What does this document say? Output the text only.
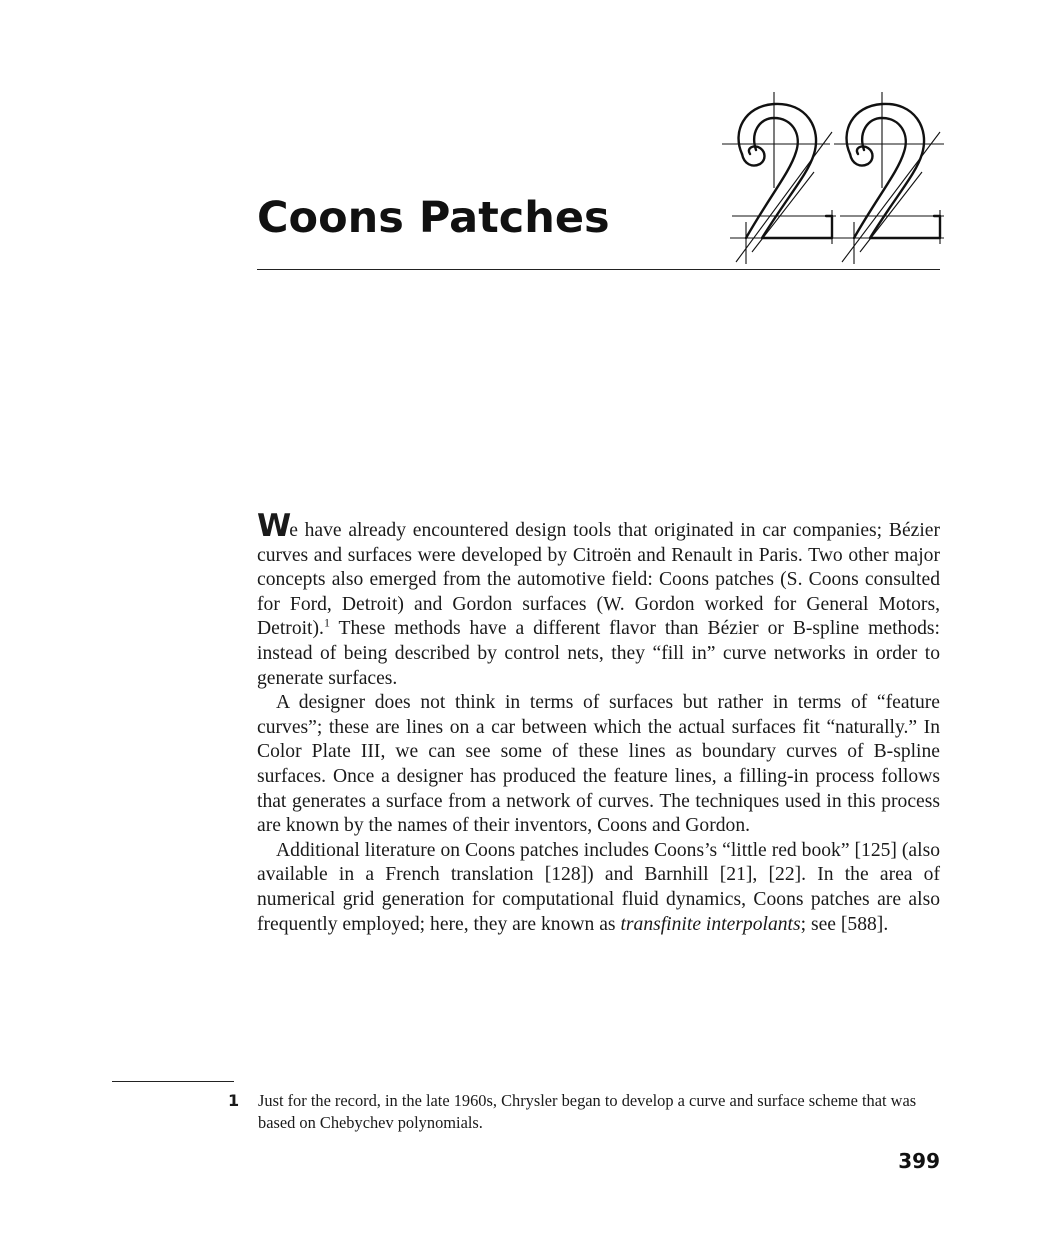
Coons Patches

We have already encountered design tools that originated in car companies; Bézier curves and surfaces were developed by Citroën and Renault in Paris. Two other major concepts also emerged from the automotive field: Coons patches (S. Coons consulted for Ford, Detroit) and Gordon surfaces (W. Gordon worked for General Motors, Detroit).$^1$ These methods have a different flavor than Bézier or B-spline methods: instead of being described by control nets, they “fill in” curve networks in order to generate surfaces.

A designer does not think in terms of surfaces but rather in terms of “feature curves”; these are lines on a car between which the actual surfaces fit “naturally.” In Color Plate III, we can see some of these lines as boundary curves of B-spline surfaces. Once a designer has produced the feature lines, a filling-in process follows that generates a surface from a network of curves. The techniques used in this process are known by the names of their inventors, Coons and Gordon.

Additional literature on Coons patches includes Coons’s “little red book” [125] (also available in a French translation [128]) and Barnhill [21], [22]. In the area of numerical grid generation for computational fluid dynamics, Coons patches are also frequently employed; here, they are known as transfinite interpolants; see [588].

1 Just for the record, in the late 1960s, Chrysler began to develop a curve and surface scheme that was based on Chebychev polynomials.
399
